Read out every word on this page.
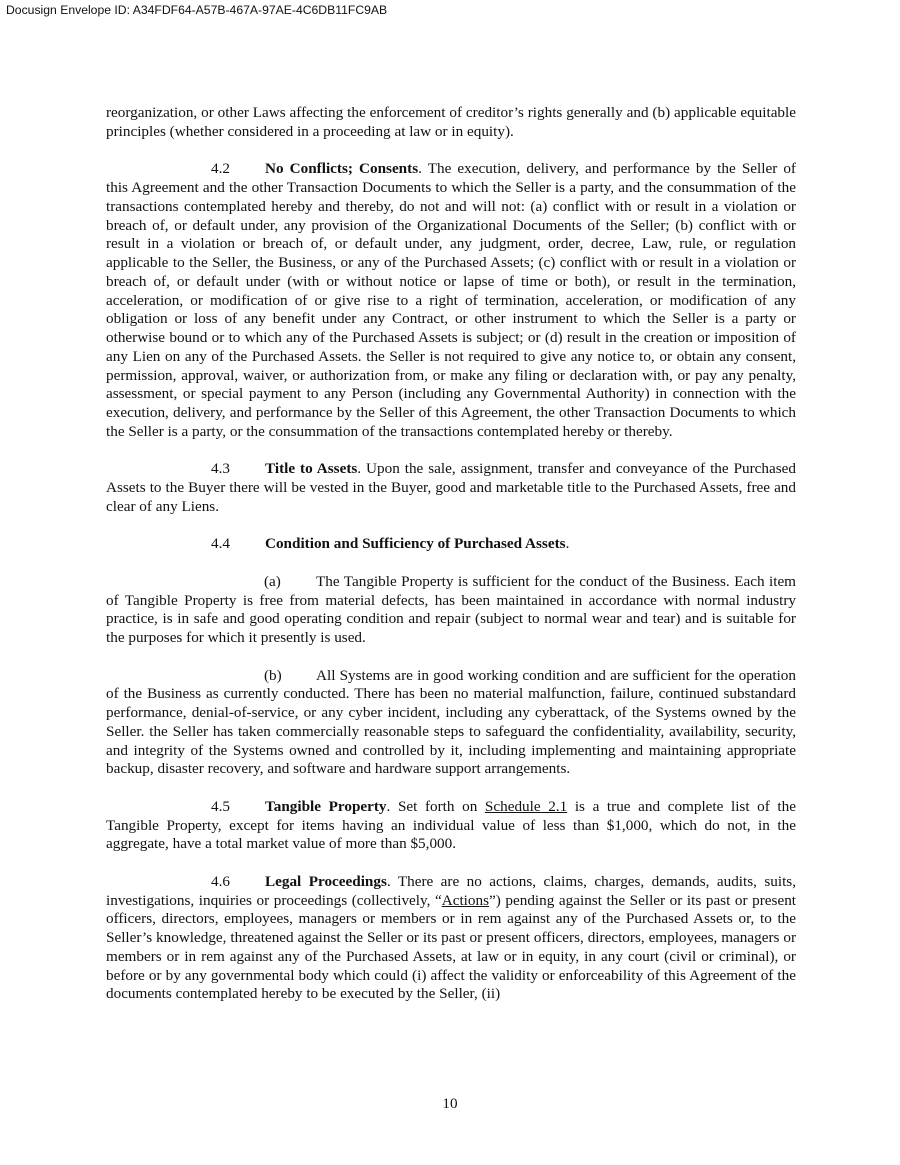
Docusign Envelope ID: A34FDF64-A57B-467A-97AE-4C6DB11FC9AB

reorganization, or other Laws affecting the enforcement of creditor’s rights generally and (b) applicable equitable principles (whether considered in a proceeding at law or in equity).

4.2 No Conflicts; Consents. The execution, delivery, and performance by the Seller of this Agreement and the other Transaction Documents to which the Seller is a party, and the consummation of the transactions contemplated hereby and thereby, do not and will not: (a) conflict with or result in a violation or breach of, or default under, any provision of the Organizational Documents of the Seller; (b) conflict with or result in a violation or breach of, or default under, any judgment, order, decree, Law, rule, or regulation applicable to the Seller, the Business, or any of the Purchased Assets; (c) conflict with or result in a violation or breach of, or default under (with or without notice or lapse of time or both), or result in the termination, acceleration, or modification of or give rise to a right of termination, acceleration, or modification of any obligation or loss of any benefit under any Contract, or other instrument to which the Seller is a party or otherwise bound or to which any of the Purchased Assets is subject; or (d) result in the creation or imposition of any Lien on any of the Purchased Assets. the Seller is not required to give any notice to, or obtain any consent, permission, approval, waiver, or authorization from, or make any filing or declaration with, or pay any penalty, assessment, or special payment to any Person (including any Governmental Authority) in connection with the execution, delivery, and performance by the Seller of this Agreement, the other Transaction Documents to which the Seller is a party, or the consummation of the transactions contemplated hereby or thereby.

4.3 Title to Assets. Upon the sale, assignment, transfer and conveyance of the Purchased Assets to the Buyer there will be vested in the Buyer, good and marketable title to the Purchased Assets, free and clear of any Liens.

4.4 Condition and Sufficiency of Purchased Assets.

(a) The Tangible Property is sufficient for the conduct of the Business. Each item of Tangible Property is free from material defects, has been maintained in accordance with normal industry practice, is in safe and good operating condition and repair (subject to normal wear and tear) and is suitable for the purposes for which it presently is used.

(b) All Systems are in good working condition and are sufficient for the operation of the Business as currently conducted. There has been no material malfunction, failure, continued substandard performance, denial-of-service, or any cyber incident, including any cyberattack, of the Systems owned by the Seller. the Seller has taken commercially reasonable steps to safeguard the confidentiality, availability, security, and integrity of the Systems owned and controlled by it, including implementing and maintaining appropriate backup, disaster recovery, and software and hardware support arrangements.

4.5 Tangible Property. Set forth on Schedule 2.1 is a true and complete list of the Tangible Property, except for items having an individual value of less than $1,000, which do not, in the aggregate, have a total market value of more than $5,000.

4.6 Legal Proceedings. There are no actions, claims, charges, demands, audits, suits, investigations, inquiries or proceedings (collectively, “Actions”) pending against the Seller or its past or present officers, directors, employees, managers or members or in rem against any of the Purchased Assets or, to the Seller’s knowledge, threatened against the Seller or its past or present officers, directors, employees, managers or members or in rem against any of the Purchased Assets, at law or in equity, in any court (civil or criminal), or before or by any governmental body which could (i) affect the validity or enforceability of this Agreement of the documents contemplated hereby to be executed by the Seller, (ii)

10
